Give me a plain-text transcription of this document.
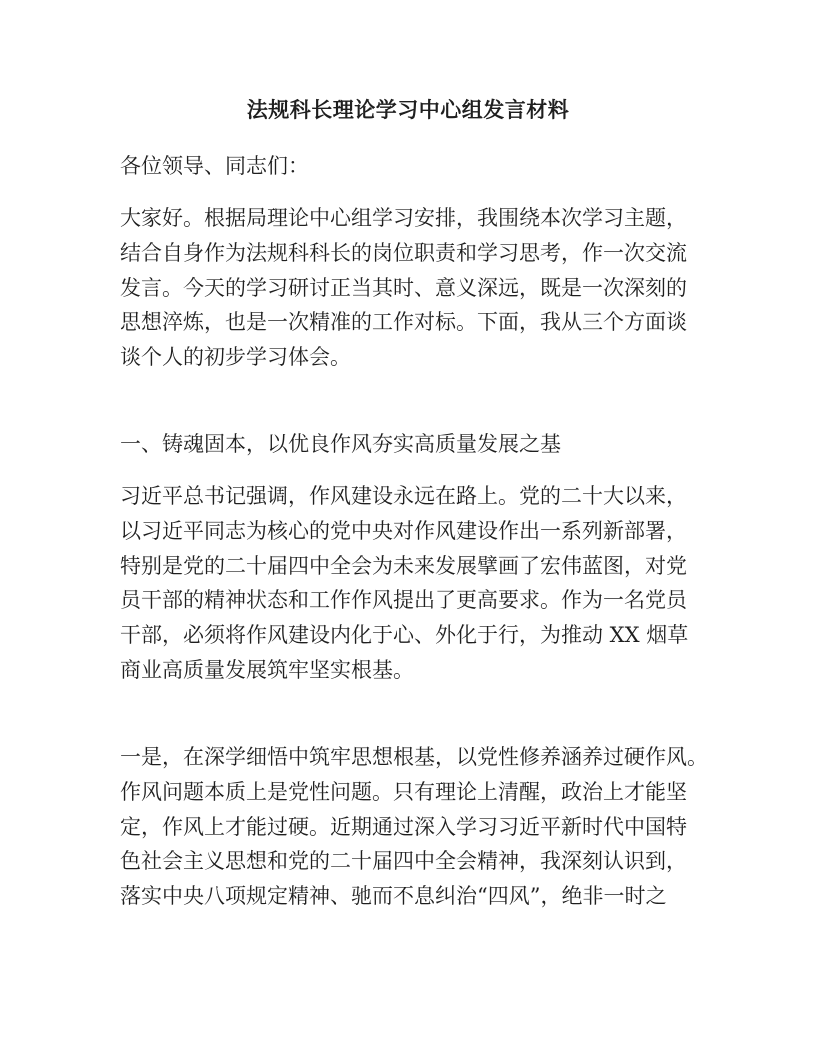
法规科长理论学习中心组发言材料

各位领导、同志们：

大家好。根据局理论中心组学习安排，我围绕本次学习主题，
结合自身作为法规科科长的岗位职责和学习思考，作一次交流
发言。今天的学习研讨正当其时、意义深远，既是一次深刻的
思想淬炼，也是一次精准的工作对标。下面，我从三个方面谈
谈个人的初步学习体会。

一、铸魂固本，以优良作风夯实高质量发展之基

习近平总书记强调，作风建设永远在路上。党的二十大以来，
以习近平同志为核心的党中央对作风建设作出一系列新部署，
特别是党的二十届四中全会为未来发展擘画了宏伟蓝图，对党
员干部的精神状态和工作作风提出了更高要求。作为一名党员
干部，必须将作风建设内化于心、外化于行，为推动 XX 烟草
商业高质量发展筑牢坚实根基。

一是，在深学细悟中筑牢思想根基，以党性修养涵养过硬作风。
作风问题本质上是党性问题。只有理论上清醒，政治上才能坚
定，作风上才能过硬。近期通过深入学习习近平新时代中国特
色社会主义思想和党的二十届四中全会精神，我深刻认识到，
落实中央八项规定精神、驰而不息纠治“四风”，绝非一时之
